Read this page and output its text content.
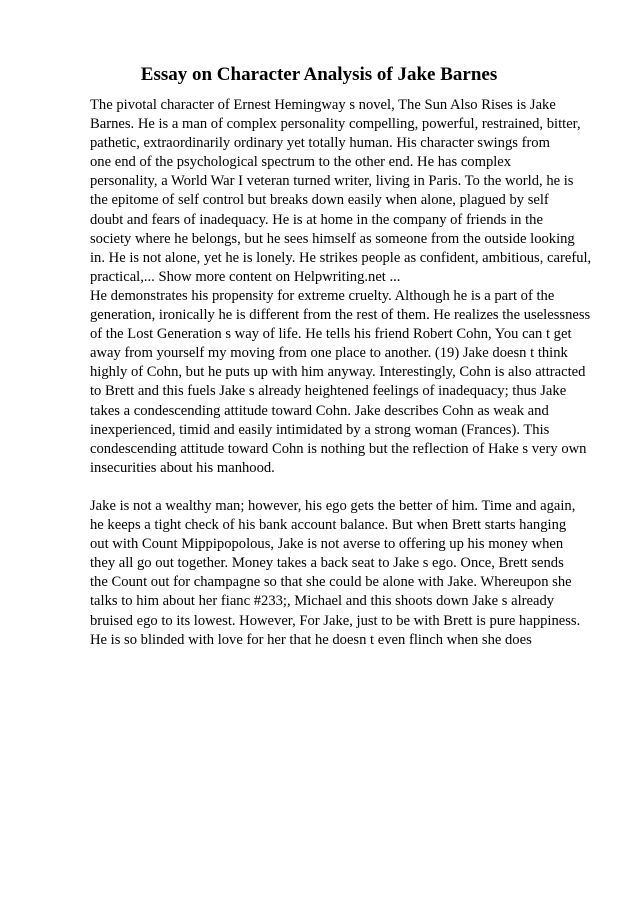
Essay on Character Analysis of Jake Barnes
The pivotal character of Ernest Hemingway s novel, The Sun Also Rises is Jake
Barnes. He is a man of complex personality compelling, powerful, restrained, bitter,
pathetic, extraordinarily ordinary yet totally human. His character swings from
one end of the psychological spectrum to the other end. He has complex
personality, a World War I veteran turned writer, living in Paris. To the world, he is
the epitome of self control but breaks down easily when alone, plagued by self
doubt and fears of inadequacy. He is at home in the company of friends in the
society where he belongs, but he sees himself as someone from the outside looking
in. He is not alone, yet he is lonely. He strikes people as confident, ambitious, careful,
practical,... Show more content on Helpwriting.net ...
He demonstrates his propensity for extreme cruelty. Although he is a part of the
generation, ironically he is different from the rest of them. He realizes the uselessness
of the Lost Generation s way of life. He tells his friend Robert Cohn, You can t get
away from yourself my moving from one place to another. (19) Jake doesn t think
highly of Cohn, but he puts up with him anyway. Interestingly, Cohn is also attracted
to Brett and this fuels Jake s already heightened feelings of inadequacy; thus Jake
takes a condescending attitude toward Cohn. Jake describes Cohn as weak and
inexperienced, timid and easily intimidated by a strong woman (Frances). This
condescending attitude toward Cohn is nothing but the reflection of Hake s very own
insecurities about his manhood.
Jake is not a wealthy man; however, his ego gets the better of him. Time and again,
he keeps a tight check of his bank account balance. But when Brett starts hanging
out with Count Mippipopolous, Jake is not averse to offering up his money when
they all go out together. Money takes a back seat to Jake s ego. Once, Brett sends
the Count out for champagne so that she could be alone with Jake. Whereupon she
talks to him about her fianc #233;, Michael and this shoots down Jake s already
bruised ego to its lowest. However, For Jake, just to be with Brett is pure happiness.
He is so blinded with love for her that he doesn t even flinch when she does
